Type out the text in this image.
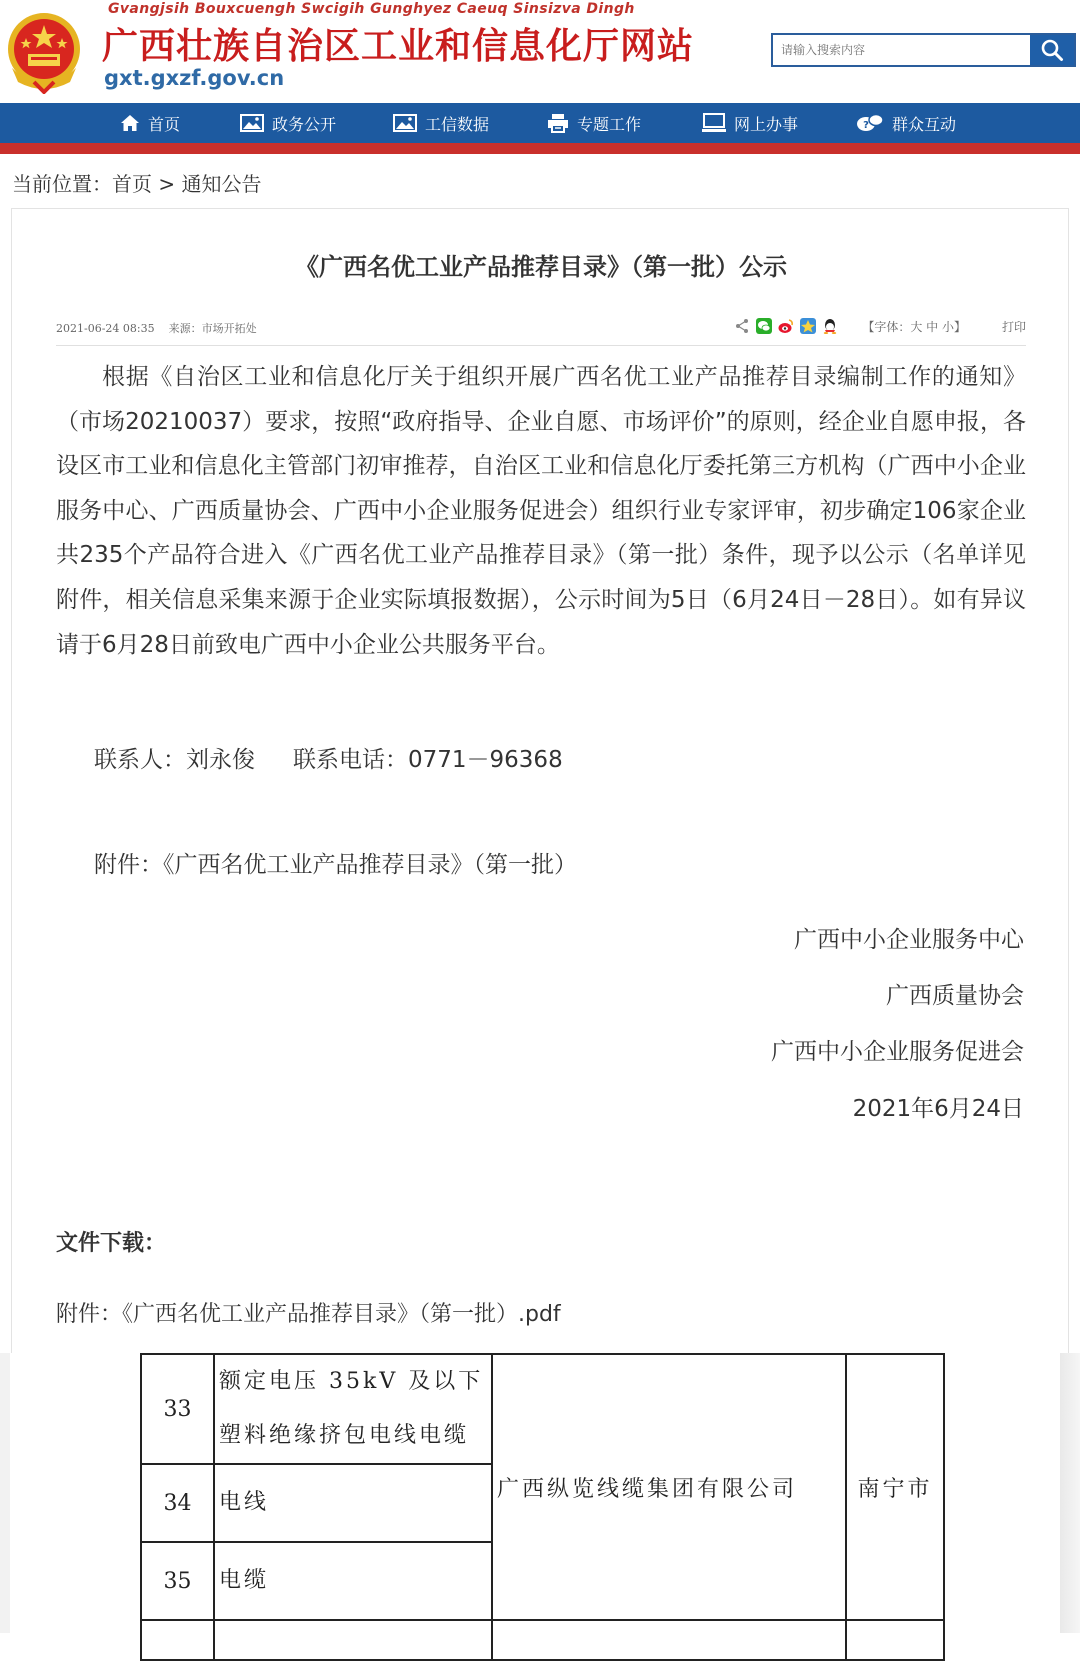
Gvangjsih Bouxcuengh Swcigih Gunghyez Caeuq Sinsizva Dingh
广西壮族自治区工业和信息化厅网站
gxt.gxzf.gov.cn
请输入搜索内容
首页	政务公开	工信数据	专题工作	网上办事	? 群众互动
当前位置：首页 > 通知公告
《广西名优工业产品推荐目录》（第一批）公示
2021-06-24 08:35 来源：市场开拓处	【字体：大 中 小】	打印

根据《自治区工业和信息化厅关于组织开展广西名优工业产品推荐目录编制工作的通知》（市场20210037）要求，按照“政府指导、企业自愿、市场评价”的原则，经企业自愿申报，各设区市工业和信息化主管部门初审推荐，自治区工业和信息化厅委托第三方机构（广西中小企业服务中心、广西质量协会、广西中小企业服务促进会）组织行业专家评审，初步确定106家企业共235个产品符合进入《广西名优工业产品推荐目录》（第一批）条件，现予以公示（名单详见附件，相关信息采集来源于企业实际填报数据），公示时间为5日（6月24日－28日）。如有异议请于6月28日前致电广西中小企业公共服务平台。

联系人：刘永俊 联系电话：0771－96368
附件：《广西名优工业产品推荐目录》（第一批）
广西中小企业服务中心
广西质量协会
广西中小企业服务促进会
2021年6月24日
文件下载：
附件：《广西名优工业产品推荐目录》（第一批）.pdf
33	额定电压 35kV 及以下
塑料绝缘挤包电线电缆	广西纵览线缆集团有限公司	南宁市
34	电线		
35	电缆		
